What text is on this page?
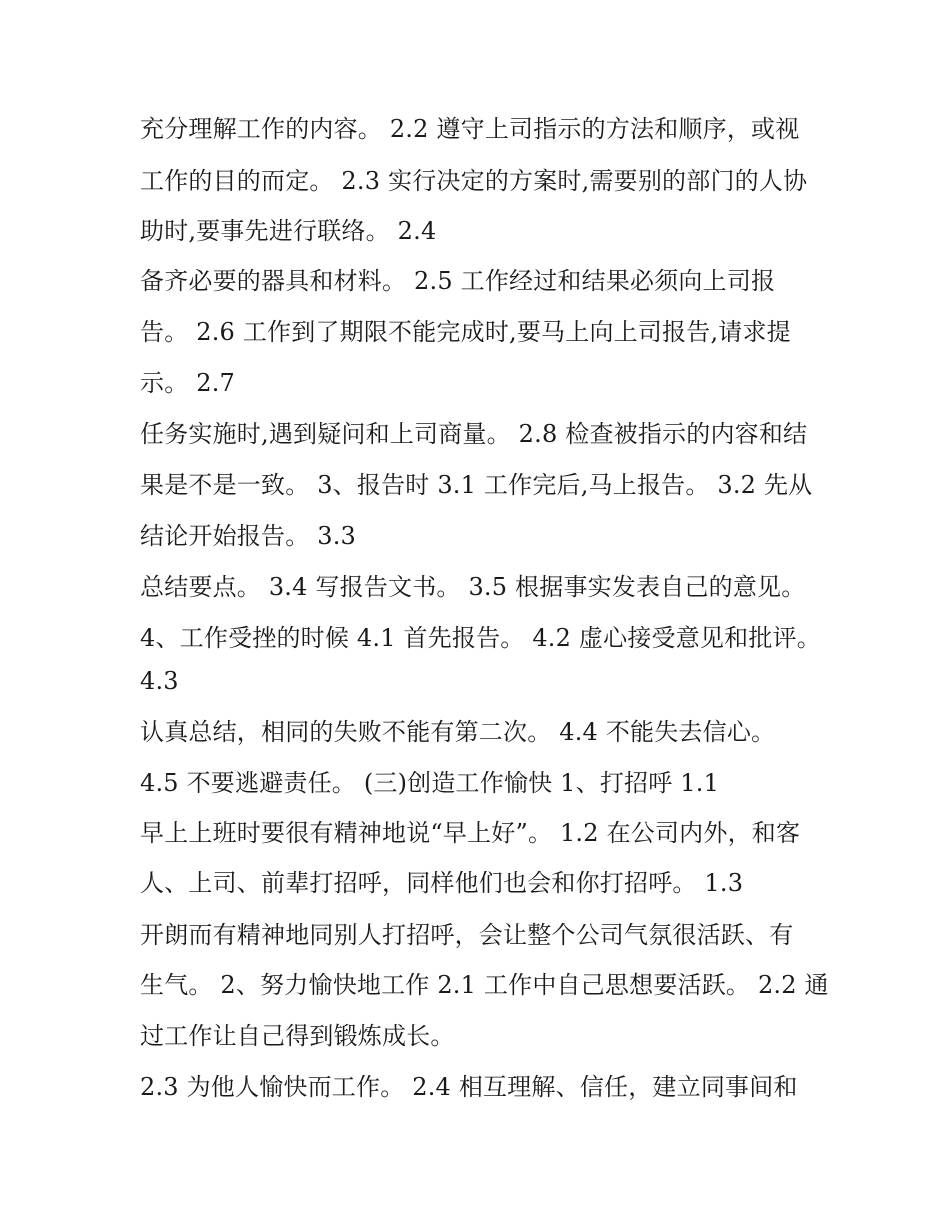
充分理解工作的内容。 2.2 遵守上司指示的方法和顺序，或视
工作的目的而定。 2.3 实行决定的方案时,需要别的部门的人协
助时,要事先进行联络。 2.4
备齐必要的器具和材料。 2.5 工作经过和结果必须向上司报
告。 2.6 工作到了期限不能完成时,要马上向上司报告,请求提
示。 2.7
任务实施时,遇到疑问和上司商量。 2.8 检查被指示的内容和结
果是不是一致。 3、报告时 3.1 工作完后,马上报告。 3.2 先从
结论开始报告。 3.3
总结要点。 3.4 写报告文书。 3.5 根据事实发表自己的意见。
4、工作受挫的时候 4.1 首先报告。 4.2 虚心接受意见和批评。
4.3
认真总结，相同的失败不能有第二次。 4.4 不能失去信心。
4.5 不要逃避责任。 (三)创造工作愉快 1、打招呼 1.1
早上上班时要很有精神地说“早上好”。 1.2 在公司内外，和客
人、上司、前辈打招呼，同样他们也会和你打招呼。 1.3
开朗而有精神地同别人打招呼，会让整个公司气氛很活跃、有
生气。 2、努力愉快地工作 2.1 工作中自己思想要活跃。 2.2 通
过工作让自己得到锻炼成长。
2.3 为他人愉快而工作。 2.4 相互理解、信任，建立同事间和
